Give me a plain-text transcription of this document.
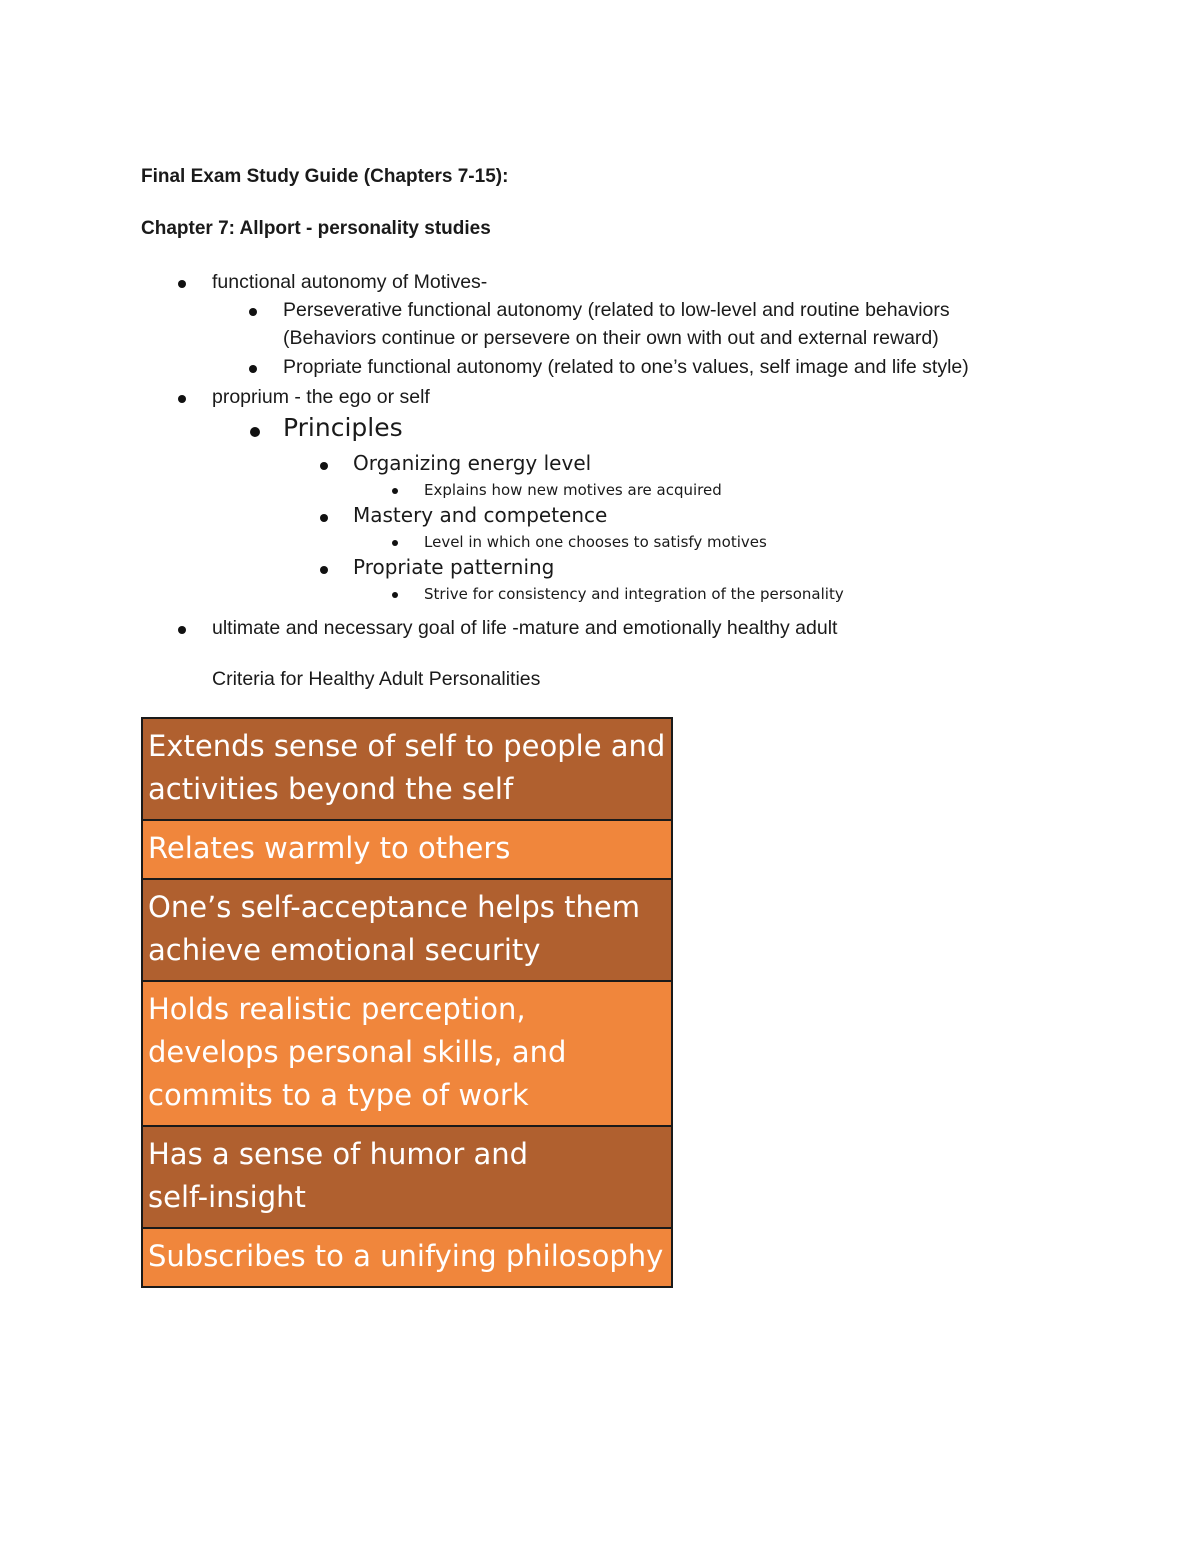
Final Exam Study Guide (Chapters 7-15):
Chapter 7: Allport - personality studies
functional autonomy of Motives-
Perseverative functional autonomy (related to low-level and routine behaviors
(Behaviors continue or persevere on their own with out and external reward)
Propriate functional autonomy (related to one’s values, self image and life style)
proprium - the ego or self
Principles
Organizing energy level
Explains how new motives are acquired
Mastery and competence
Level in which one chooses to satisfy motives
Propriate patterning
Strive for consistency and integration of the personality
ultimate and necessary goal of life -mature and emotionally healthy adult
Criteria for Healthy Adult Personalities
Extends sense of self to people and activities beyond the self
Relates warmly to others
One’s self-acceptance helps them achieve emotional security
Holds realistic perception,
develops personal skills, and
commits to a type of work
Has a sense of humor and
self-insight
Subscribes to a unifying philosophy
